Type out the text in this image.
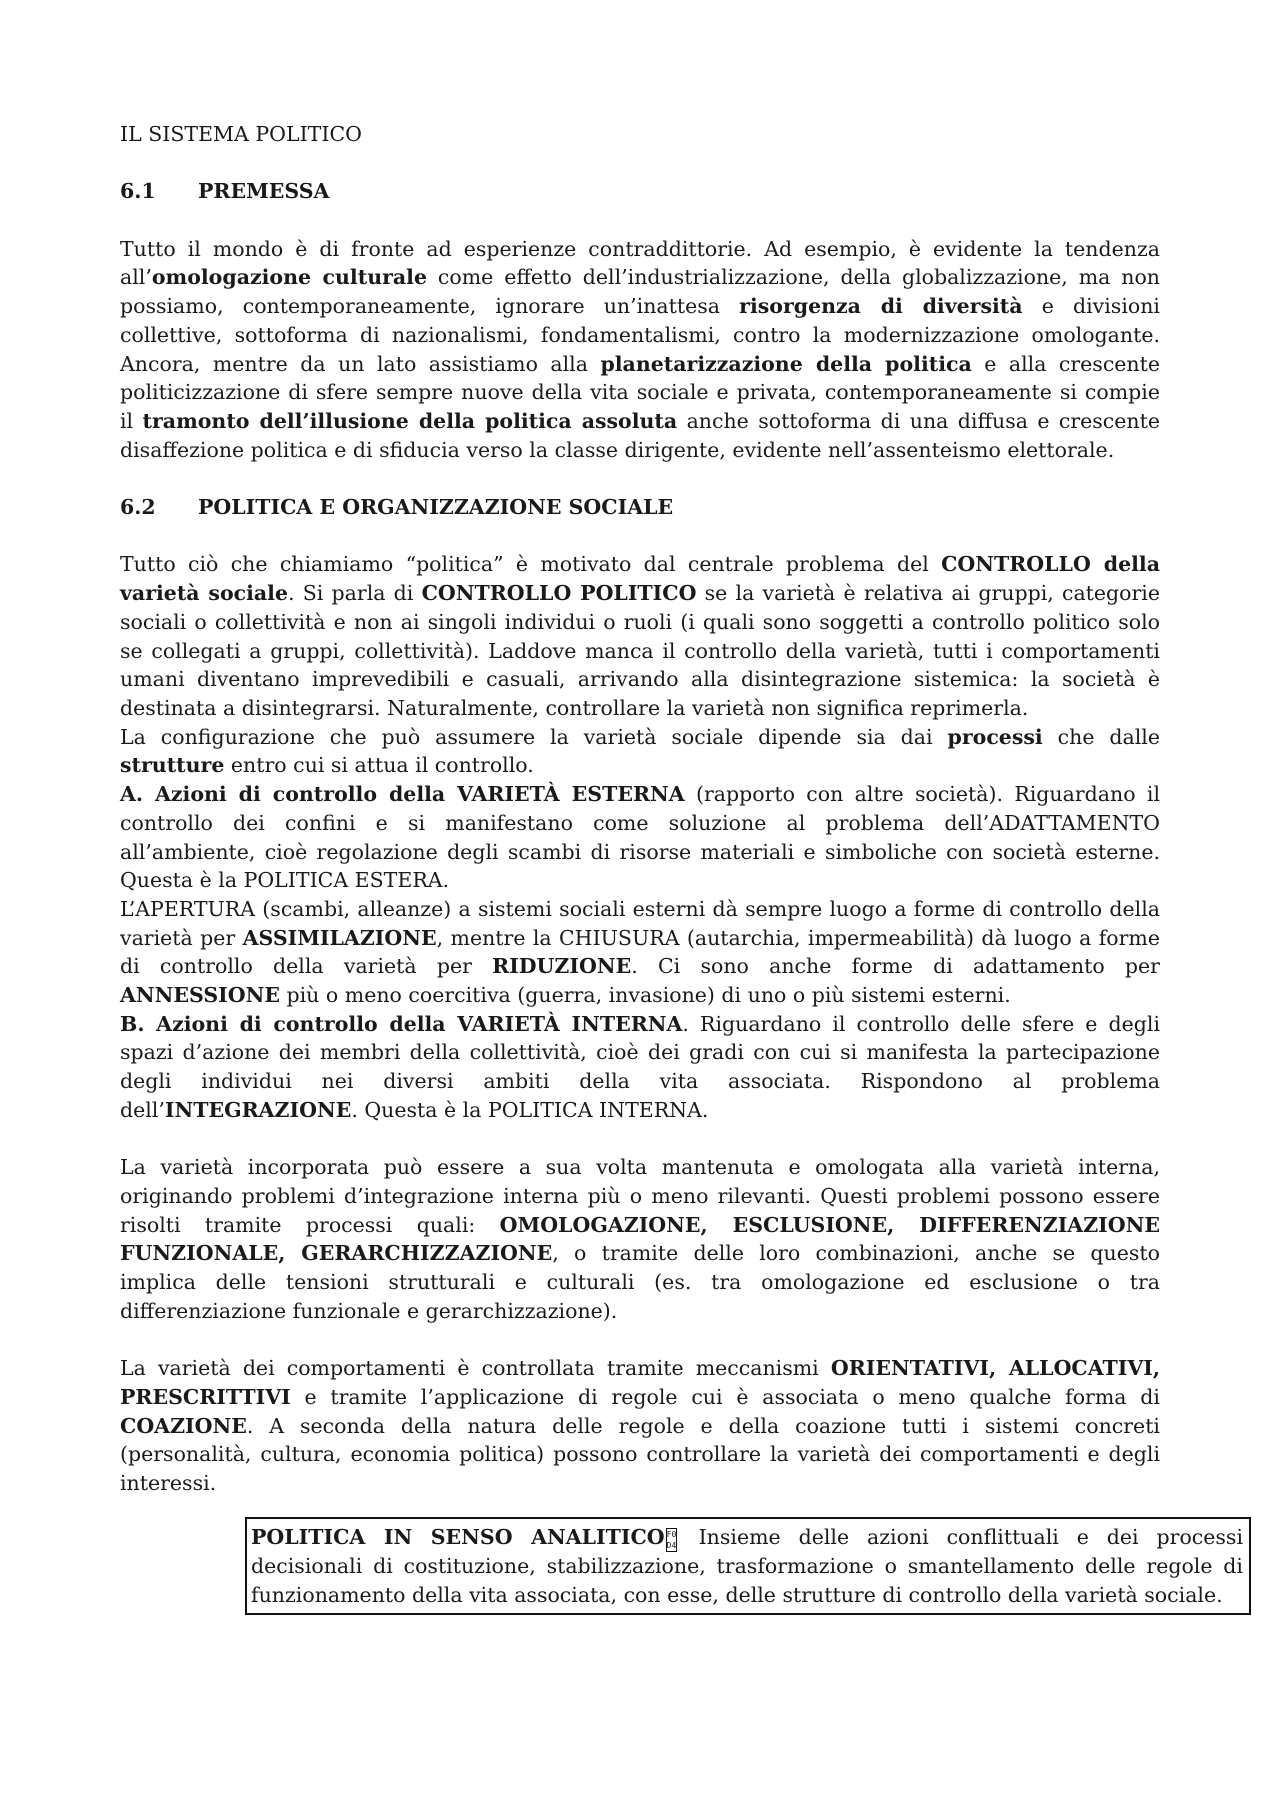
IL SISTEMA POLITICO

6.1 PREMESSA

Tutto il mondo è di fronte ad esperienze contraddittorie. Ad esempio, è evidente la tendenza all’omologazione culturale come effetto dell’industrializzazione, della globalizzazione, ma non possiamo, contemporaneamente, ignorare un’inattesa risorgenza di diversità e divisioni collettive, sottoforma di nazionalismi, fondamentalismi, contro la modernizzazione omologante. Ancora, mentre da un lato assistiamo alla planetarizzazione della politica e alla crescente politicizzazione di sfere sempre nuove della vita sociale e privata, contemporaneamente si compie il tramonto dell’illusione della politica assoluta anche sottoforma di una diffusa e crescente disaffezione politica e di sfiducia verso la classe dirigente, evidente nell’assenteismo elettorale.

6.2 POLITICA E ORGANIZZAZIONE SOCIALE

Tutto ciò che chiamiamo “politica” è motivato dal centrale problema del CONTROLLO della varietà sociale. Si parla di CONTROLLO POLITICO se la varietà è relativa ai gruppi, categorie sociali o collettività e non ai singoli individui o ruoli (i quali sono soggetti a controllo politico solo se collegati a gruppi, collettività). Laddove manca il controllo della varietà, tutti i comportamenti umani diventano imprevedibili e casuali, arrivando alla disintegrazione sistemica: la società è destinata a disintegrarsi. Naturalmente, controllare la varietà non significa reprimerla.

La configurazione che può assumere la varietà sociale dipende sia dai processi che dalle strutture entro cui si attua il controllo.

A. Azioni di controllo della VARIETÀ ESTERNA (rapporto con altre società). Riguardano il controllo dei confini e si manifestano come soluzione al problema dell’ADATTAMENTO all’ambiente, cioè regolazione degli scambi di risorse materiali e simboliche con società esterne. Questa è la POLITICA ESTERA.

L’APERTURA (scambi, alleanze) a sistemi sociali esterni dà sempre luogo a forme di controllo della varietà per ASSIMILAZIONE, mentre la CHIUSURA (autarchia, impermeabilità) dà luogo a forme di controllo della varietà per RIDUZIONE. Ci sono anche forme di adattamento per ANNESSIONE più o meno coercitiva (guerra, invasione) di uno o più sistemi esterni.

B. Azioni di controllo della VARIETÀ INTERNA. Riguardano il controllo delle sfere e degli spazi d’azione dei membri della collettività, cioè dei gradi con cui si manifesta la partecipazione degli individui nei diversi ambiti della vita associata. Rispondono al problema dell’INTEGRAZIONE. Questa è la POLITICA INTERNA.

La varietà incorporata può essere a sua volta mantenuta e omologata alla varietà interna, originando problemi d’integrazione interna più o meno rilevanti. Questi problemi possono essere risolti tramite processi quali: OMOLOGAZIONE, ESCLUSIONE, DIFFERENZIAZIONE FUNZIONALE, GERARCHIZZAZIONE, o tramite delle loro combinazioni, anche se questo implica delle tensioni strutturali e culturali (es. tra omologazione ed esclusione o tra differenziazione funzionale e gerarchizzazione).

La varietà dei comportamenti è controllata tramite meccanismi ORIENTATIVI, ALLOCATIVI, PRESCRITTIVI e tramite l’applicazione di regole cui è associata o meno qualche forma di COAZIONE. A seconda della natura delle regole e della coazione tutti i sistemi concreti (personalità, cultura, economia politica) possono controllare la varietà dei comportamenti e degli interessi.

POLITICA IN SENSO ANALITICO F0
D4 Insieme delle azioni conflittuali e dei processi decisionali di costituzione, stabilizzazione, trasformazione o smantellamento delle regole di funzionamento della vita associata, con esse, delle strutture di controllo della varietà sociale.
